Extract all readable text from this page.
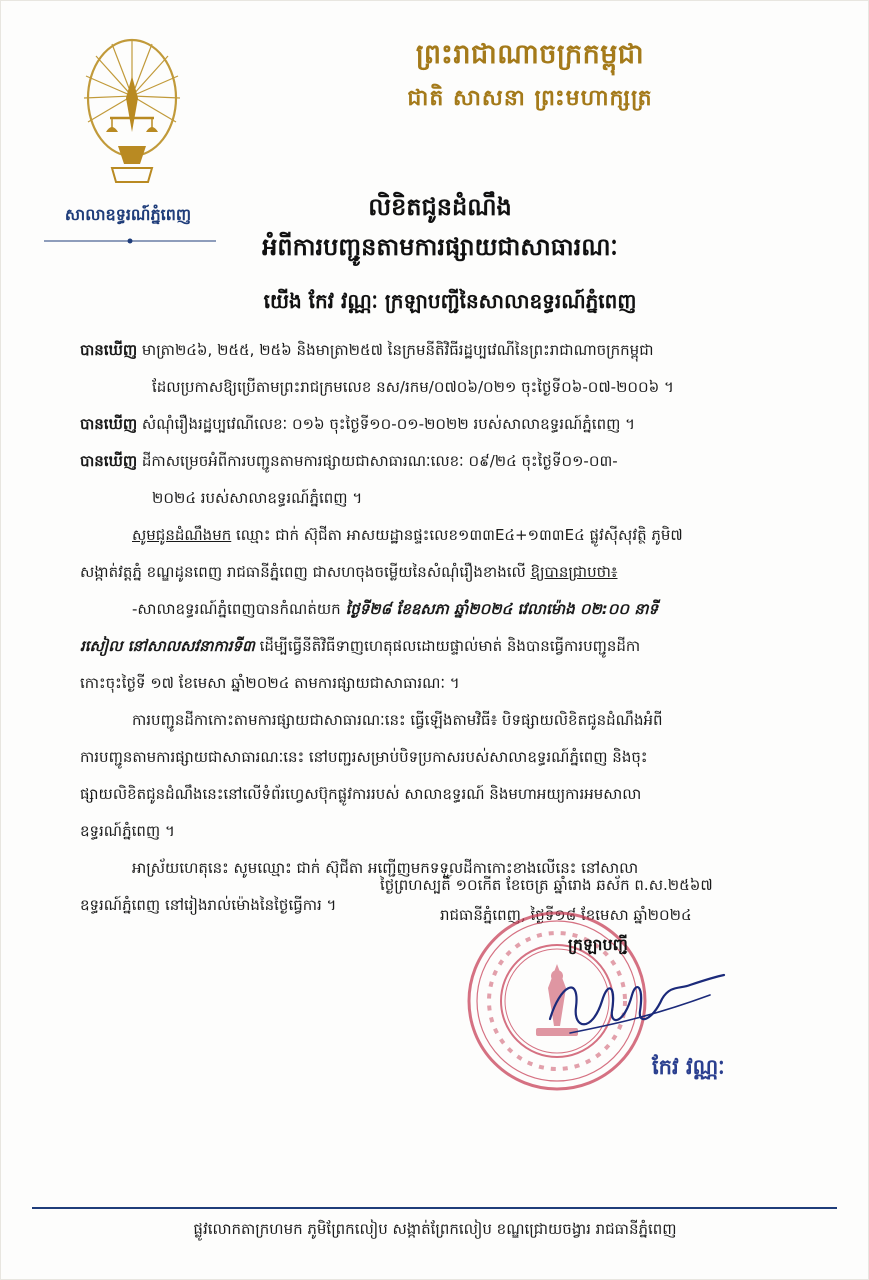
សាលាឧទ្ធរណ៍ភ្នំពេញ
ព្រះរាជាណាចក្រកម្ពុជា
ជាតិ សាសនា ព្រះមហាក្សត្រ
លិខិតជូនដំណឹង
អំពីការបញ្ជូនតាមការផ្សាយជាសាធារណៈ
យើង កែវ វណ្ណៈ ក្រឡាបញ្ជីនៃសាលាឧទ្ធរណ៍ភ្នំពេញ

បានឃើញ មាត្រា២៤៦, ២៥៥, ២៥៦ និងមាត្រា២៥៧ នៃក្រមនីតិវិធីរដ្ឋប្បវេណីនៃព្រះរាជាណាចក្រកម្ពុជា

ដែលប្រកាសឱ្យប្រើតាមព្រះរាជក្រមលេខ នស/រកម/០៧០៦/០២១ ចុះថ្ងៃទី០៦-០៧-២០០៦ ។

បានឃើញ សំណុំរឿងរដ្ឋប្បវេណីលេខៈ ០១៦ ចុះថ្ងៃទី១០-០១-២០២២ របស់សាលាឧទ្ធរណ៍ភ្នំពេញ ។

បានឃើញ ដីកាសម្រេចអំពីការបញ្ជូនតាមការផ្សាយជាសាធារណៈលេខៈ ០៩/២៤ ចុះថ្ងៃទី០១-០៣-

២០២៤ របស់សាលាឧទ្ធរណ៍ភ្នំពេញ ។

សូមជូនដំណឹងមក ឈ្មោះ ជាក់ ស៊ុជីតា អាសយដ្ឋានផ្ទះលេខ១៣៣E៤+១៣៣E៤ ផ្លូវស៊ីសុវត្ថិ ភូមិ៧

សង្កាត់វត្តភ្នំ ខណ្ឌដូនពេញ រាជធានីភ្នំពេញ ជាសហចុងចម្លើយនៃសំណុំរឿងខាងលើ ឱ្យបានជ្រាបថា៖

-សាលាឧទ្ធរណ៍ភ្នំពេញបានកំណត់យក ថ្ងៃទី២៨ ខែឧសភា ឆ្នាំ២០២៤ វេលាម៉ោង ០២:០០ នាទី

រសៀល នៅសាលសវនាការទី៣ ដើម្បីធ្វើនីតិវិធីទាញហេតុផលដោយផ្ទាល់មាត់ និងបានធ្វើការបញ្ជូនដីកា

កោះចុះថ្ងៃទី ១៧ ខែមេសា ឆ្នាំ២០២៤ តាមការផ្សាយជាសាធារណៈ ។

ការបញ្ជូនដីកាកោះតាមការផ្សាយជាសាធារណៈនេះ ធ្វើឡើងតាមវិធី៖ បិទផ្សាយលិខិតជូនដំណឹងអំពី

ការបញ្ជូនតាមការផ្សាយជាសាធារណៈនេះ នៅបញ្ជរសម្រាប់បិទប្រកាសរបស់សាលាឧទ្ធរណ៍ភ្នំពេញ និងចុះ

ផ្សាយលិខិតជូនដំណឹងនេះនៅលើទំព័រហ្វេសប៊ុកផ្លូវការរបស់ សាលាឧទ្ធរណ៍ និងមហាអយ្យការអមសាលា

ឧទ្ធរណ៍ភ្នំពេញ ។

អាស្រ័យហេតុនេះ សូមឈ្មោះ ជាក់ ស៊ុជីតា អញ្ជើញមកទទួលដីកាកោះខាងលើនេះ នៅសាលា

ឧទ្ធរណ៍ភ្នំពេញ នៅរៀងរាល់ម៉ោងនៃថ្ងៃធ្វើការ ។

ថ្ងៃព្រហស្បតិ៍ ១០កើត ខែចេត្រ ឆ្នាំរោង ឆស័ក ព.ស.២៥៦៧
រាជធានីភ្នំពេញ, ថ្ងៃទី១៨ ខែមេសា ឆ្នាំ២០២៤
ក្រឡាបញ្ជី
កែវ វណ្ណៈ
ផ្លូវលោកតាក្រហមក ភូមិព្រែកលៀប សង្កាត់ព្រែកលៀប ខណ្ឌជ្រោយចង្វារ រាជធានីភ្នំពេញ
